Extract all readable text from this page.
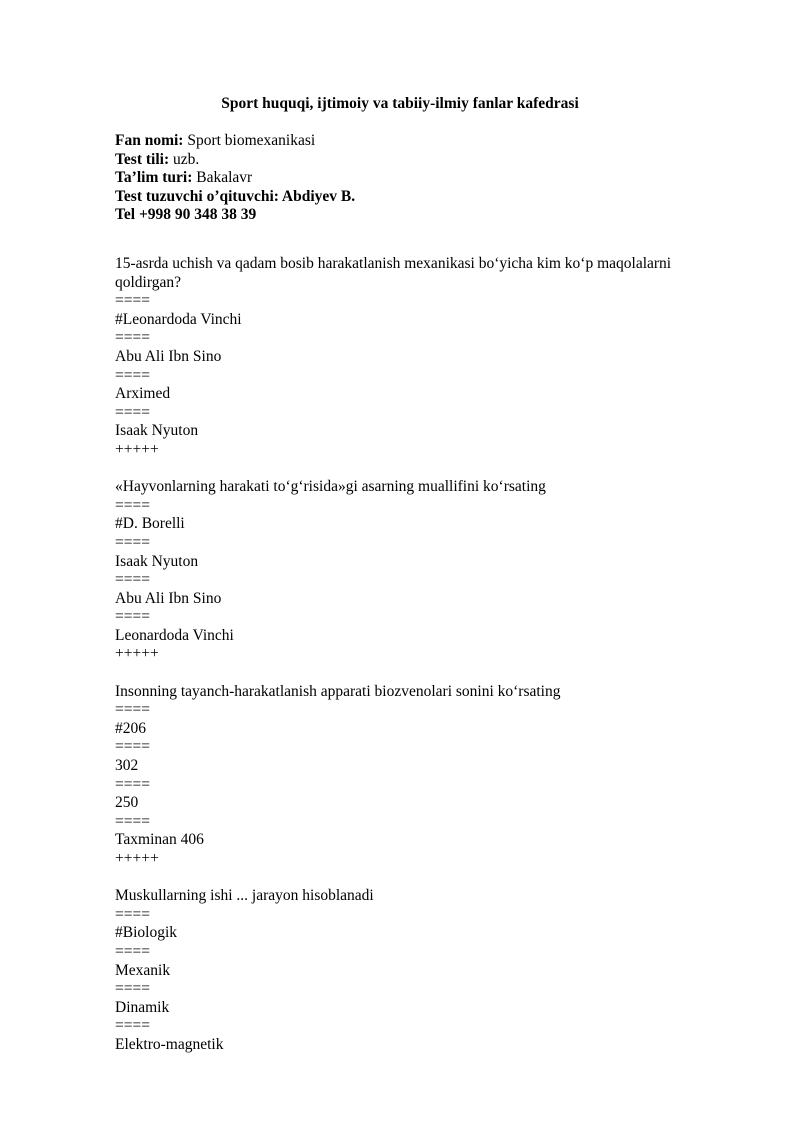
Sport huquqi, ijtimoiy va tabiiy-ilmiy fanlar kafedrasi
Fan nomi: Sport biomexanikasi
Test tili: uzb.
Ta’lim turi: Bakalavr
Test tuzuvchi o’qituvchi: Abdiyev B.
Tel +998 90 348 38 39
15-asrda uchish va qadam bosib harakatlanish mexanikasi bo‘yicha kim ko‘p maqolalarni qoldirgan?
====
#Leonardoda Vinchi
====
Abu Ali Ibn Sino
====
Arximed
====
Isaak Nyuton
+++++
«Hayvonlarning harakati to‘g‘risida»gi asarning muallifini ko‘rsating
====
#D. Borelli
====
Isaak Nyuton
====
Abu Ali Ibn Sino
====
Leonardoda Vinchi
+++++
Insonning tayanch-harakatlanish apparati biozvenolari sonini ko‘rsating
====
#206
====
302
====
250
====
Taxminan 406
+++++
Muskullarning ishi ... jarayon hisoblanadi
====
#Biologik
====
Mexanik
====
Dinamik
====
Elektro-magnetik
